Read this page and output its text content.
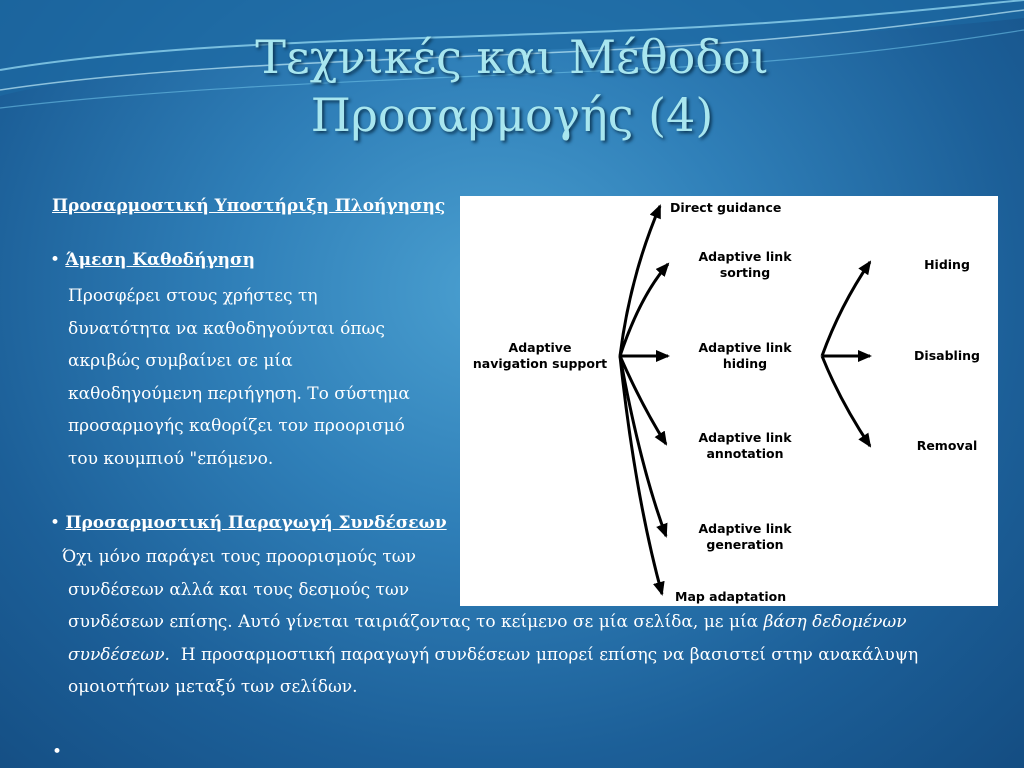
Τεχνικές και Μέθοδοι
Προσαρμογής (4)
Προσαρμοστική Υποστήριξη Πλοήγησης
• Άμεση Καθοδήγηση
Προσφέρει στους χρήστες τη
δυνατότητα να καθοδηγούνται όπως
ακριβώς συμβαίνει σε μία
καθοδηγούμενη περιήγηση. Το σύστημα
προσαρμογής καθορίζει τον προορισμό
του κουμπιού "επόμενο.
• Προσαρμοστική Παραγωγή Συνδέσεων
Όχι μόνο παράγει τους προορισμούς των
συνδέσεων αλλά και τους δεσμούς των
συνδέσεων επίσης. Αυτό γίνεται ταιριάζοντας το κείμενο σε μία σελίδα, με μία βάση δεδομένων
συνδέσεων. Η προσαρμοστική παραγωγή συνδέσεων μπορεί επίσης να βασιστεί στην ανακάλυψη
ομοιοτήτων μεταξύ των σελίδων.
•
Adaptive
navigation support
Direct guidance
Adaptive link
sorting
Adaptive link
hiding
Adaptive link
annotation
Adaptive link
generation
Map adaptation
Hiding
Disabling
Removal
